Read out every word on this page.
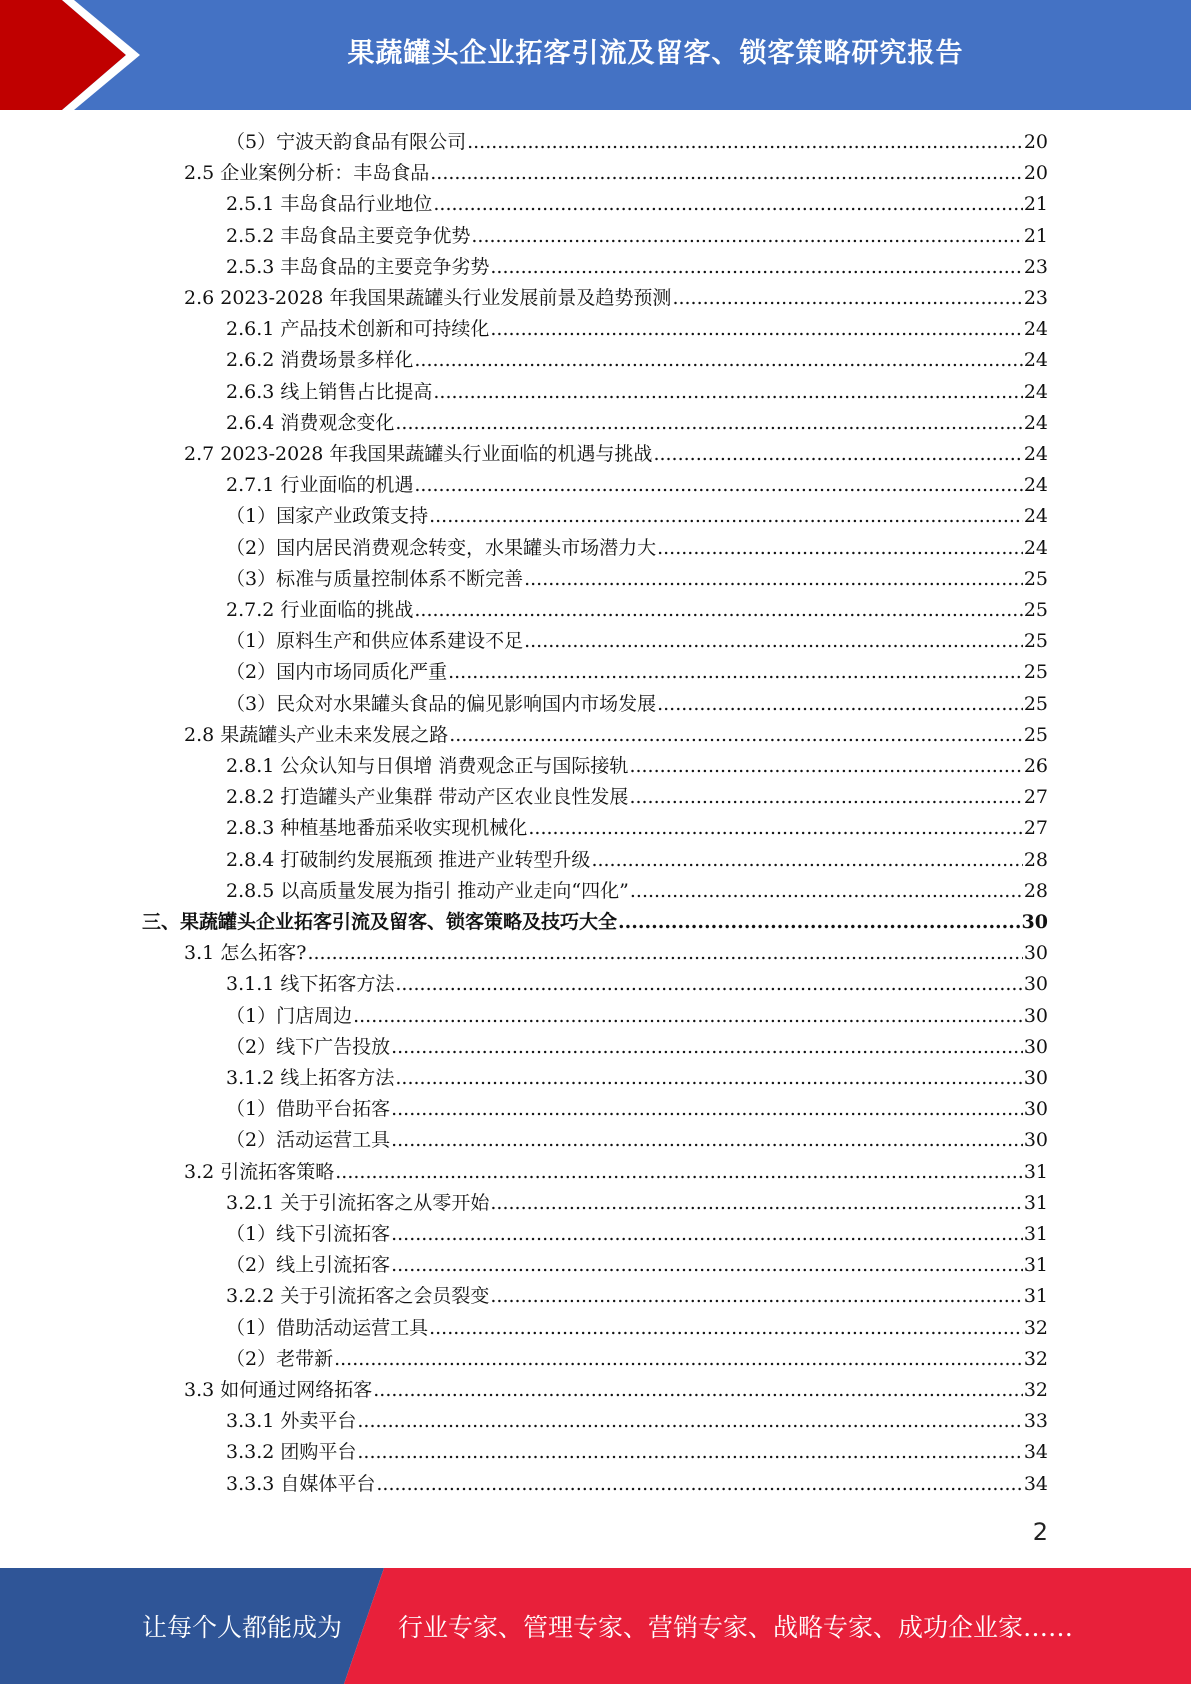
果蔬罐头企业拓客引流及留客、锁客策略研究报告
（5）宁波天韵食品有限公司 .....	20
2.5 企业案例分析：丰岛食品 .....	20
2.5.1 丰岛食品行业地位 .....	21
2.5.2 丰岛食品主要竞争优势 .....	21
2.5.3 丰岛食品的主要竞争劣势 .....	23
2.6 2023-2028 年我国果蔬罐头行业发展前景及趋势预测 .....	23
2.6.1 产品技术创新和可持续化 .....	24
2.6.2 消费场景多样化 .....	24
2.6.3 线上销售占比提高 .....	24
2.6.4 消费观念变化 .....	24
2.7 2023-2028 年我国果蔬罐头行业面临的机遇与挑战 .....	24
2.7.1 行业面临的机遇 .....	24
（1）国家产业政策支持 .....	24
（2）国内居民消费观念转变，水果罐头市场潜力大 .....	24
（3）标准与质量控制体系不断完善 .....	25
2.7.2 行业面临的挑战 .....	25
（1）原料生产和供应体系建设不足 .....	25
（2）国内市场同质化严重 .....	25
（3）民众对水果罐头食品的偏见影响国内市场发展 .....	25
2.8 果蔬罐头产业未来发展之路 .....	25
2.8.1 公众认知与日俱增 消费观念正与国际接轨 .....	26
2.8.2 打造罐头产业集群 带动产区农业良性发展 .....	27
2.8.3 种植基地番茄采收实现机械化 .....	27
2.8.4 打破制约发展瓶颈 推进产业转型升级 .....	28
2.8.5 以高质量发展为指引 推动产业走向“四化” .....	28
三、果蔬罐头企业拓客引流及留客、锁客策略及技巧大全 .....	30
3.1 怎么拓客? .....	30
3.1.1 线下拓客方法 .....	30
（1）门店周边 .....	30
（2）线下广告投放 .....	30
3.1.2 线上拓客方法 .....	30
（1）借助平台拓客 .....	30
（2）活动运营工具 .....	30
3.2 引流拓客策略 .....	31
3.2.1 关于引流拓客之从零开始 .....	31
（1）线下引流拓客 .....	31
（2）线上引流拓客 .....	31
3.2.2 关于引流拓客之会员裂变 .....	31
（1）借助活动运营工具 .....	32
（2）老带新 .....	32
3.3 如何通过网络拓客 .....	32
3.3.1 外卖平台 .....	33
3.3.2 团购平台 .....	34
3.3.3 自媒体平台 .....	34
2
让每个人都能成为 行业专家、管理专家、营销专家、战略专家、成功企业家……
